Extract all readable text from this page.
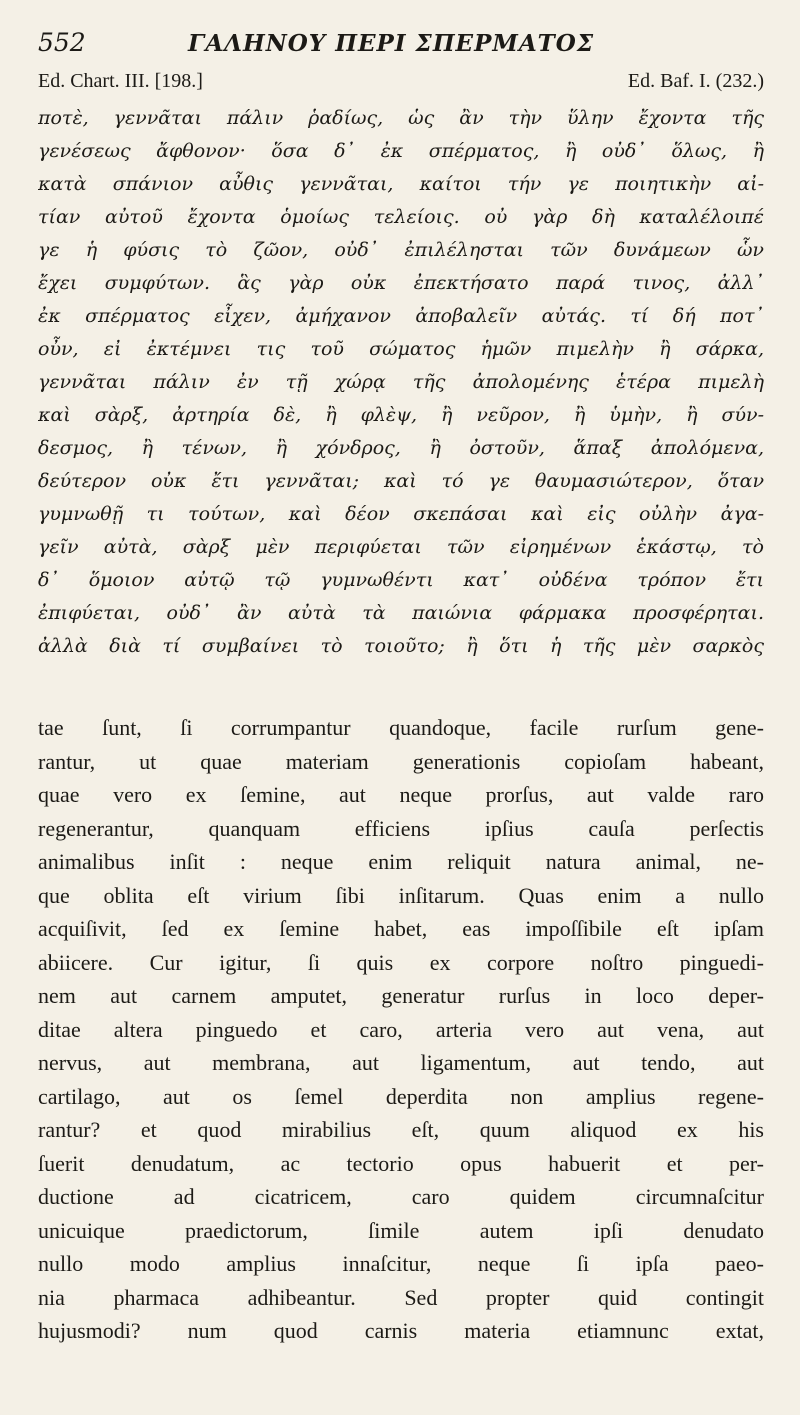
552	ΓΑΛΗΝΟΥ ΠΕΡΙ ΣΠΕΡΜΑΤΟΣ
Ed. Chart. III. [198.]	Ed. Baf. I. (232.)
ποτὲ, γεννᾶται πάλιν ῥαδίως, ὡς ἂν τὴν ὕλην ἔχοντα τῆς
γενέσεως ἄφθονον· ὅσα δ᾽ ἐκ σπέρματος, ἢ οὐδ᾽ ὅλως, ἢ
κατὰ σπάνιον αὖθις γεννᾶται, καίτοι τήν γε ποιητικὴν αἰ-
τίαν αὐτοῦ ἔχοντα ὁμοίως τελείοις. οὐ γὰρ δὴ καταλέλοιπέ
γε ἡ φύσις τὸ ζῶον, οὐδ᾽ ἐπιλέλησται τῶν δυνάμεων ὧν
ἔχει συμφύτων. ἃς γὰρ οὐκ ἐπεκτήσατο παρά τινος, ἀλλ᾽
ἐκ σπέρματος εἶχεν, ἀμήχανον ἀποβαλεῖν αὐτάς. τί δή ποτ᾽
οὖν, εἰ ἐκτέμνει τις τοῦ σώματος ἡμῶν πιμελὴν ἢ σάρκα,
γεννᾶται πάλιν ἐν τῇ χώρᾳ τῆς ἀπολομένης ἑτέρα πιμελὴ
καὶ σὰρξ, ἀρτηρία δὲ, ἢ φλὲψ, ἢ νεῦρον, ἢ ὑμὴν, ἢ σύν-
δεσμος, ἢ τένων, ἢ χόνδρος, ἢ ὀστοῦν, ἅπαξ ἀπολόμενα,
δεύτερον οὐκ ἔτι γεννᾶται; καὶ τό γε θαυμασιώτερον, ὅταν
γυμνωθῇ τι τούτων, καὶ δέον σκεπάσαι καὶ εἰς οὐλὴν ἀγα-
γεῖν αὐτὰ, σὰρξ μὲν περιφύεται τῶν εἰρημένων ἑκάστῳ, τὸ
δ᾽ ὅμοιον αὐτῷ τῷ γυμνωθέντι κατ᾽ οὐδένα τρόπον ἔτι
ἐπιφύεται, οὐδ᾽ ἂν αὐτὰ τὰ παιώνια φάρμακα προσφέρηται.
ἀλλὰ διὰ τί συμβαίνει τὸ τοιοῦτο; ἢ ὅτι ἡ τῆς μὲν σαρκὸς
tae ſunt, ſi corrumpantur quandoque, facile rurſum gene-
rantur, ut quae materiam generationis copioſam habeant,
quae vero ex ſemine, aut neque prorſus, aut valde raro
regenerantur, quanquam efficiens ipſius cauſa perſectis
animalibus inſit : neque enim reliquit natura animal, ne-
que oblita eſt virium ſibi inſitarum. Quas enim a nullo
acquiſivit, ſed ex ſemine habet, eas impoſſibile eſt ipſam
abiicere. Cur igitur, ſi quis ex corpore noſtro pinguedi-
nem aut carnem amputet, generatur rurſus in loco deper-
ditae altera pinguedo et caro, arteria vero aut vena, aut
nervus, aut membrana, aut ligamentum, aut tendo, aut
cartilago, aut os ſemel deperdita non amplius regene-
rantur? et quod mirabilius eſt, quum aliquod ex his
ſuerit denudatum, ac tectorio opus habuerit et per-
ductione ad cicatricem, caro quidem circumnaſcitur
unicuique praedictorum, ſimile autem ipſi denudato
nullo modo amplius innaſcitur, neque ſi ipſa paeo-
nia pharmaca adhibeantur. Sed propter quid contingit
hujusmodi? num quod carnis materia etiamnunc extat,
